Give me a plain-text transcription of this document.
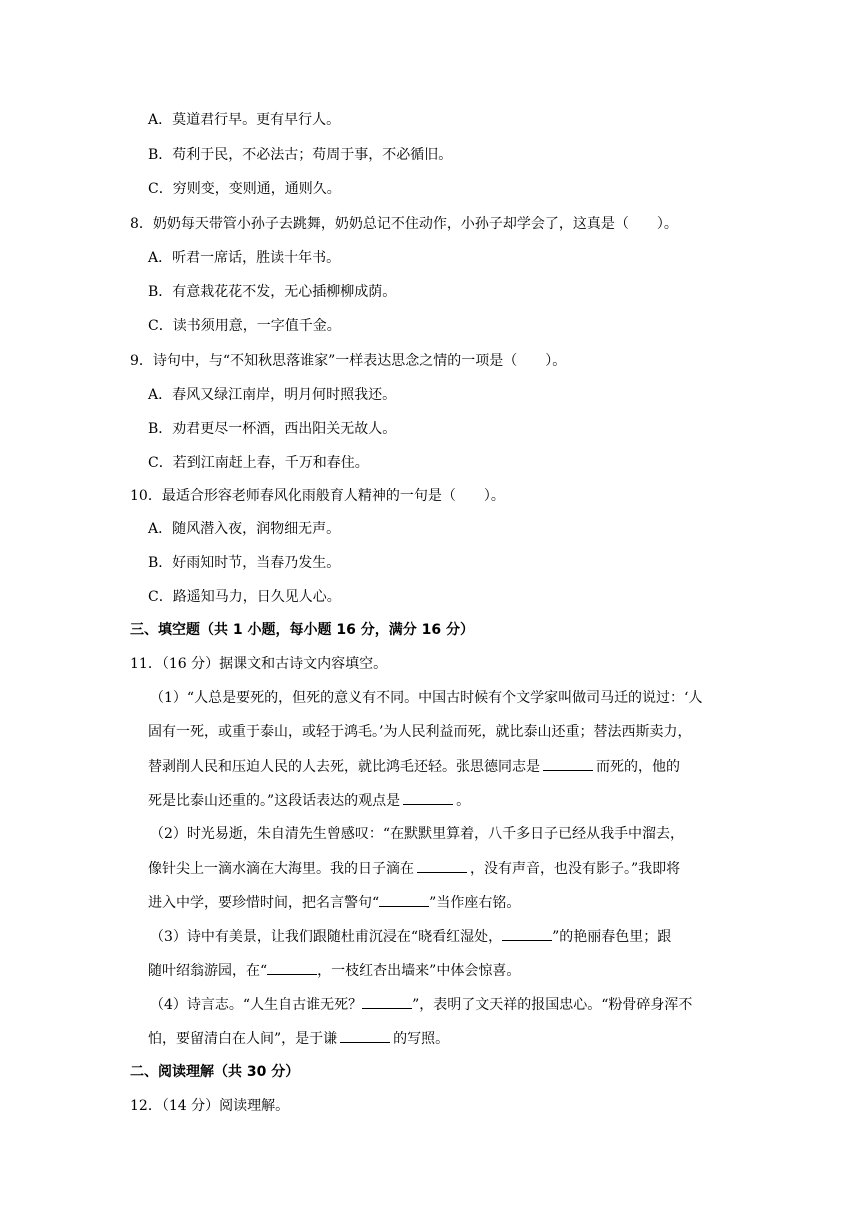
A．莫道君行早。更有早行人。
B．苟利于民，不必法古；苟周于事，不必循旧。
C．穷则变，变则通，通则久。
8．奶奶每天带管小孙子去跳舞，奶奶总记不住动作，小孙子却学会了，这真是（　　）。
A．听君一席话，胜读十年书。
B．有意栽花花不发，无心插柳柳成荫。
C．读书须用意，一字值千金。
9．诗句中，与“不知秋思落谁家”一样表达思念之情的一项是（　　）。
A．春风又绿江南岸，明月何时照我还。
B．劝君更尽一杯酒，西出阳关无故人。
C．若到江南赶上春，千万和春住。
10．最适合形容老师春风化雨般育人精神的一句是（　　）。
A．随风潜入夜，润物细无声。
B．好雨知时节，当春乃发生。
C．路遥知马力，日久见人心。
三、填空题（共 1 小题，每小题 16 分，满分 16 分）
11．（16 分）据课文和古诗文内容填空。
（1）“人总是要死的，但死的意义有不同。中国古时候有个文学家叫做司马迁的说过：‘人
固有一死，或重于泰山，或轻于鸿毛。’为人民利益而死，就比泰山还重；替法西斯卖力，
替剥削人民和压迫人民的人去死，就比鸿毛还轻。张思德同志是	而死的，他的
死是比泰山还重的。”这段话表达的观点是	。
（2）时光易逝，朱自清先生曾感叹：“在默默里算着，八千多日子已经从我手中溜去，
像针尖上一滴水滴在大海里。我的日子滴在	，没有声音，也没有影子。”我即将
进入中学，要珍惜时间，把名言警句“	”当作座右铭。
（3）诗中有美景，让我们跟随杜甫沉浸在“晓看红湿处，	”的艳丽春色里；跟
随叶绍翁游园，在“	，一枝红杏出墙来”中体会惊喜。
（4）诗言志。“人生自古谁无死？	”，表明了文天祥的报国忠心。“粉骨碎身浑不
怕，要留清白在人间”，是于谦	的写照。
二、阅读理解（共 30 分）
12．（14 分）阅读理解。
